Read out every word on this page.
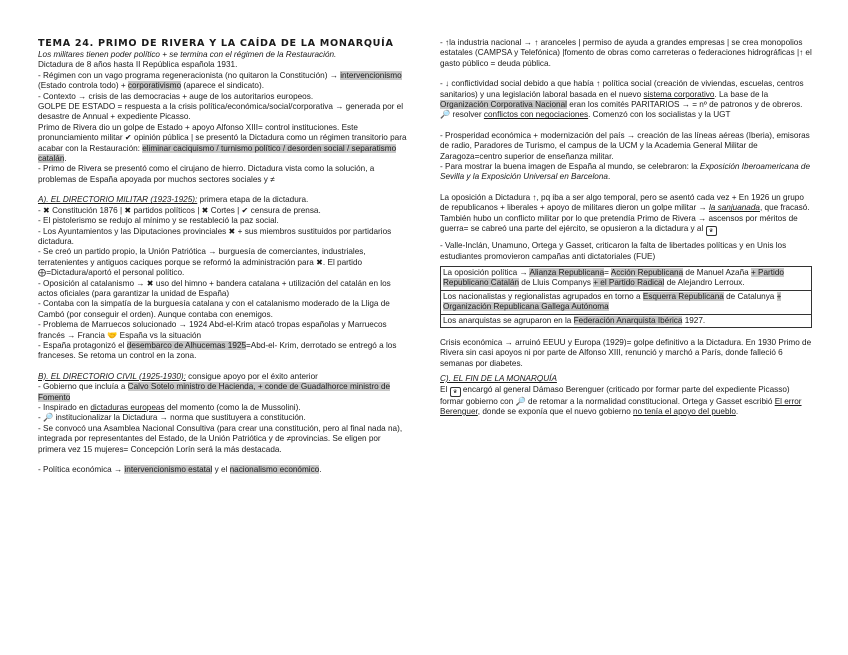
TEMA 24. PRIMO DE RIVERA Y LA CAÍDA DE LA MONARQUÍA

Los militares tienen poder político + se termina con el régimen de la Restauración.

Dictadura de 8 años hasta II República española 1931.

- Régimen con un vago programa regeneracionista (no quitaron la Constitución) → intervencionismo (Estado controla todo) + corporativismo (aparece el sindicato).

- Contexto → crisis de las democracias + auge de los autoritarios europeos.

GOLPE DE ESTADO = respuesta a la crisis política/económica/social/corporativa → generada por el desastre de Annual + expediente Picasso.

Primo de Rivera dio un golpe de Estado + apoyo Alfonso XIII= control instituciones. Este pronunciamiento militar ✔ opinión pública | se presentó la Dictadura como un régimen transitorio para acabar con la Restauración: eliminar caciquismo / turnismo político / desorden social / separatismo catalán.

- Primo de Rivera se presentó como el cirujano de hierro. Dictadura vista como la solución, a problemas de España apoyada por muchos sectores sociales y ≠

A). EL DIRECTORIO MILITAR (1923-1925): primera etapa de la dictadura.

- ✖ Constitución 1876 | ✖ partidos políticos | ✖ Cortes | ✔ censura de prensa.

- El pistolerismo se redujo al mínimo y se restableció la paz social.

- Los Ayuntamientos y las Diputaciones provinciales ✖ + sus miembros sustituidos por partidarios dictadura.

- Se creó un partido propio, la Unión Patriótica → burguesía de comerciantes, industriales, terratenientes y antiguos caciques porque se reformó la administración para ✖. El partido ⨁=Dictadura/aportó el personal político.

- Oposición al catalanismo → ✖ uso del himno + bandera catalana + utilización del catalán en los actos oficiales (para garantizar la unidad de España)

- Contaba con la simpatía de la burguesía catalana y con el catalanismo moderado de la Lliga de Cambó (por conseguir el orden). Aunque contaba con enemigos.

- Problema de Marruecos solucionado → 1924 Abd-el-Krim atacó tropas españolas y Marruecos francés → Francia 🤝 España vs la situación

- España protagonizó el desembarco de Alhucemas 1925=Abd-el- Krim, derrotado se entregó a los franceses. Se retoma un control en la zona.

B). EL DIRECTORIO CIVIL (1925-1930): consigue apoyo por el éxito anterior

- Gobierno que incluía a Calvo Sotelo ministro de Hacienda, + conde de Guadalhorce ministro de Fomento

- Inspirado en dictaduras europeas del momento (como la de Mussolini).

- 🔎 institucionalizar la Dictadura → norma que sustituyera a constitución.

- Se convocó una Asamblea Nacional Consultiva (para crear una constitución, pero al final nada na), integrada por representantes del Estado, de la Unión Patriótica y de ≠provincias. Se eligen por primera vez 15 mujeres= Concepción Lorín será la más destacada.

- Política económica → intervencionismo estatal y el nacionalismo económico.

- ↑la industria nacional → ↑ aranceles | permiso de ayuda a grandes empresas | se crea monopolios estatales (CAMPSA y Telefónica) |fomento de obras como carreteras o federaciones hidrográficas |↑ el gasto público = deuda pública.

- ↓ conflictividad social debido a que había ↑ política social (creación de viviendas, escuelas, centros sanitarios) y una legislación laboral basada en el nuevo sistema corporativo. La base de la Organización Corporativa Nacional eran los comités PARITARIOS → = nº de patronos y de obreros.

🔎 resolver conflictos con negociaciones. Comenzó con los socialistas y la UGT

- Prosperidad económica + modernización del país → creación de las líneas aéreas (Iberia), emisoras de radio, Paradores de Turismo, el campus de la UCM y la Academia General Militar de Zaragoza=centro superior de enseñanza militar.

- Para mostrar la buena imagen de España al mundo, se celebraron: la Exposición Iberoamericana de Sevilla y la Exposición Universal en Barcelona.

La oposición a Dictadura ↑, pq iba a ser algo temporal, pero se asentó cada vez + En 1926 un grupo de republicanos + liberales + apoyo de militares dieron un golpe militar → la sanjuanada, que fracasó. También hubo un conflicto militar por lo que pretendía Primo de Rivera → ascensos por méritos de guerra= se cabreó una parte del ejército, se opusieron a la dictadura y al ♛

- Valle-Inclán, Unamuno, Ortega y Gasset, criticaron la falta de libertades políticas y en Unis los estudiantes promovieron campañas anti dictatoriales (FUE)

La oposición política → Alianza Republicana= Acción Republicana de Manuel Azaña + Partido Republicano Catalán de Lluis Companys + el Partido Radical de Alejandro Lerroux.
Los nacionalistas y regionalistas agrupados en torno a Esquerra Republicana de Catalunya + Organización Republicana Gallega Autónoma
Los anarquistas se agruparon en la Federación Anarquista Ibérica 1927.

Crisis económica → arruinó EEUU y Europa (1929)= golpe definitivo a la Dictadura. En 1930 Primo de Rivera sin casi apoyos ni por parte de Alfonso XIII, renunció y marchó a París, donde falleció 6 semanas por diabetes.

C). EL FIN DE LA MONARQUÍA

El ♛ encargó al general Dámaso Berenguer (criticado por formar parte del expediente Picasso) formar gobierno con 🔎 de retomar a la normalidad constitucional. Ortega y Gasset escribió El error Berenguer, donde se exponía que el nuevo gobierno no tenía el apoyo del pueblo.
